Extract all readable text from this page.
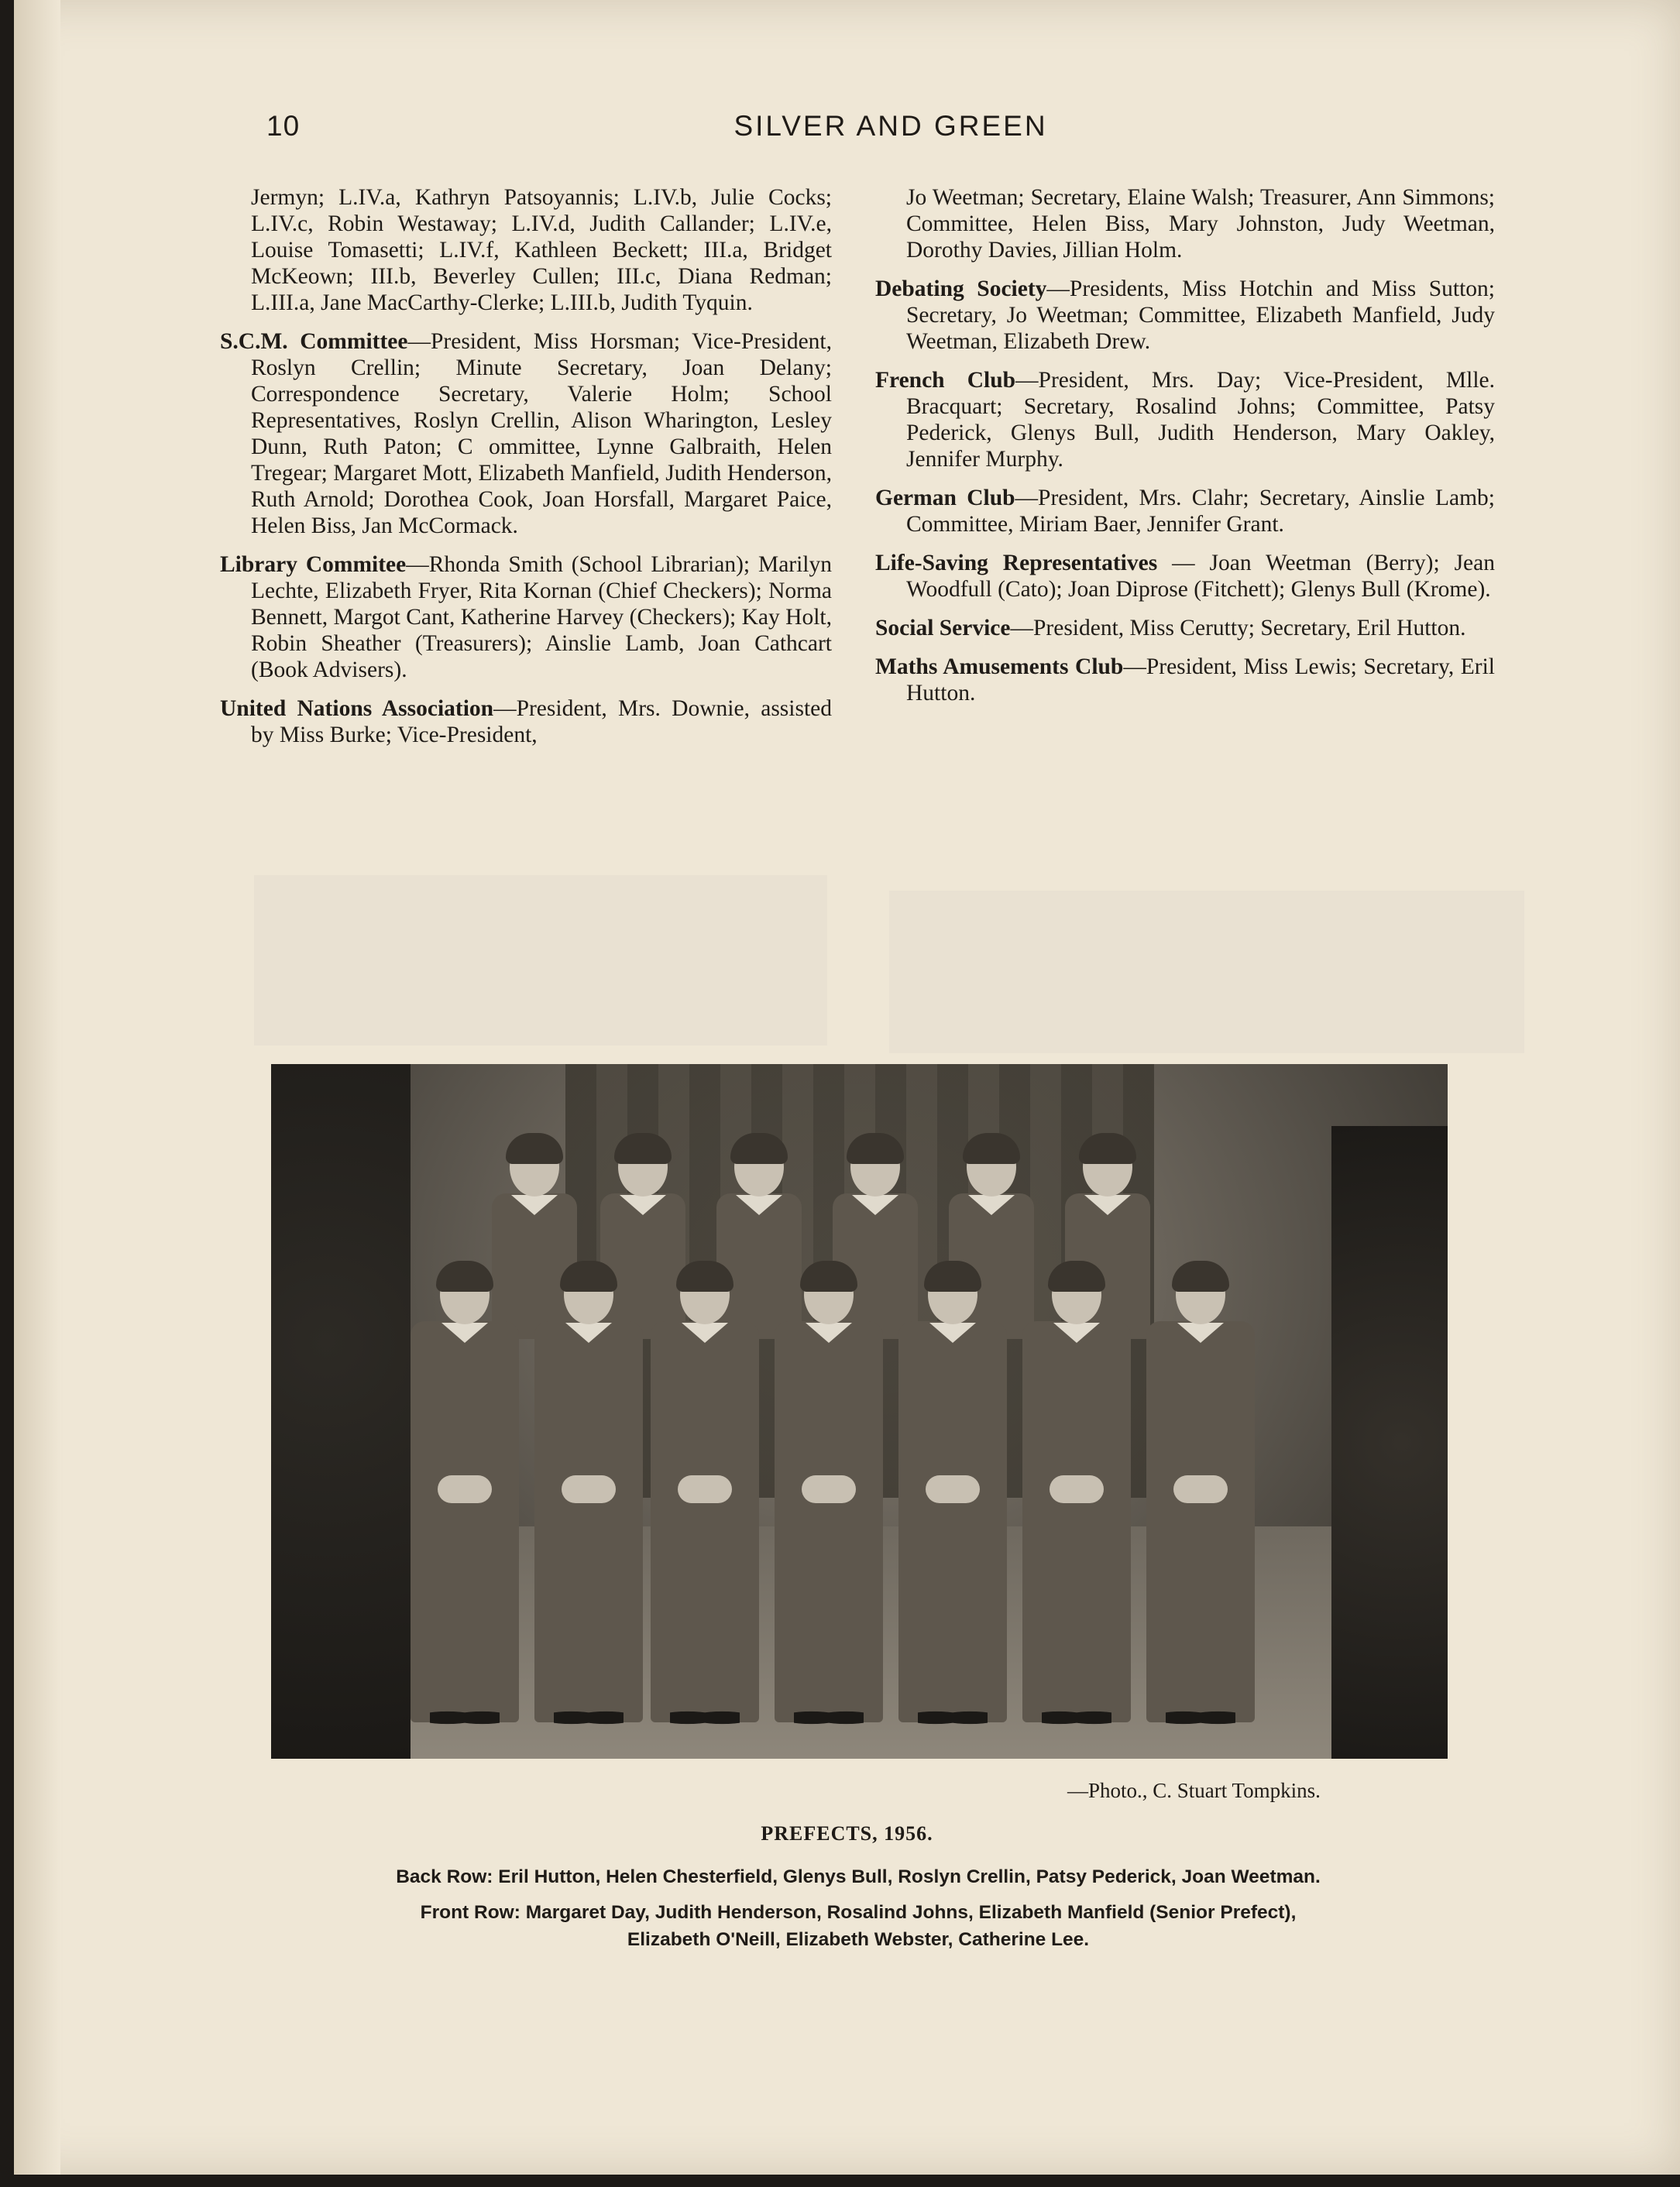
10	SILVER AND GREEN

Jermyn; L.IV.a, Kathryn Patsoyannis; L.IV.b, Julie Cocks; L.IV.c, Robin Westaway; L.IV.d, Judith Callander; L.IV.e, Louise Tomasetti; L.IV.f, Kathleen Beckett; III.a, Bridget McKeown; III.b, Beverley Cullen; III.c, Diana Redman; L.III.a, Jane MacCarthy-Clerke; L.III.b, Judith Tyquin.

S.C.M. Committee—President, Miss Horsman; Vice-President, Roslyn Crellin; Minute Secretary, Joan Delany; Correspondence Secretary, Valerie Holm; School Representatives, Roslyn Crellin, Alison Wharington, Lesley Dunn, Ruth Paton; C ommittee, Lynne Galbraith, Helen Tregear; Margaret Mott, Elizabeth Manfield, Judith Henderson, Ruth Arnold; Dorothea Cook, Joan Horsfall, Margaret Paice, Helen Biss, Jan McCormack.

Library Commitee—Rhonda Smith (School Librarian); Marilyn Lechte, Elizabeth Fryer, Rita Kornan (Chief Checkers); Norma Bennett, Margot Cant, Katherine Harvey (Checkers); Kay Holt, Robin Sheather (Treasurers); Ainslie Lamb, Joan Cathcart (Book Advisers).

United Nations Association—President, Mrs. Downie, assisted by Miss Burke; Vice-President,

Jo Weetman; Secretary, Elaine Walsh; Treasurer, Ann Simmons; Committee, Helen Biss, Mary Johnston, Judy Weetman, Dorothy Davies, Jillian Holm.

Debating Society—Presidents, Miss Hotchin and Miss Sutton; Secretary, Jo Weetman; Committee, Elizabeth Manfield, Judy Weetman, Elizabeth Drew.

French Club—President, Mrs. Day; Vice-President, Mlle. Bracquart; Secretary, Rosalind Johns; Committee, Patsy Pederick, Glenys Bull, Judith Henderson, Mary Oakley, Jennifer Murphy.

German Club—President, Mrs. Clahr; Secretary, Ainslie Lamb; Committee, Miriam Baer, Jennifer Grant.

Life-Saving Representatives — Joan Weetman (Berry); Jean Woodfull (Cato); Joan Diprose (Fitchett); Glenys Bull (Krome).

Social Service—President, Miss Cerutty; Secretary, Eril Hutton.

Maths Amusements Club—President, Miss Lewis; Secretary, Eril Hutton.

—Photo., C. Stuart Tompkins.
PREFECTS, 1956.
Back Row: Eril Hutton, Helen Chesterfield, Glenys Bull, Roslyn Crellin, Patsy Pederick, Joan Weetman.
Front Row: Margaret Day, Judith Henderson, Rosalind Johns, Elizabeth Manfield (Senior Prefect),
Elizabeth O'Neill, Elizabeth Webster, Catherine Lee.
